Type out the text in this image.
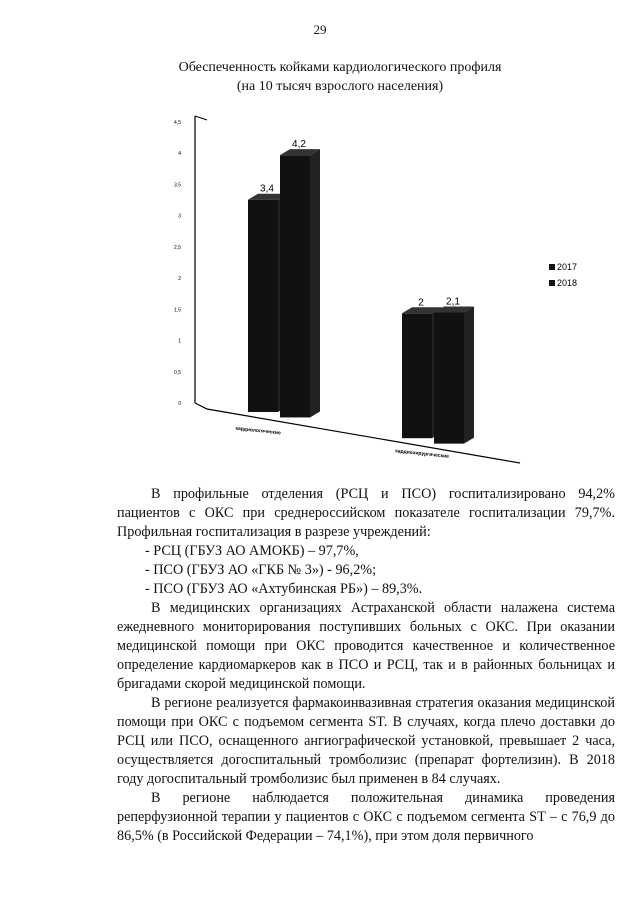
29
Обеспеченность койками кардиологического профиля
(на 10 тысяч взрослого населения)
0
0,5
1
1,5
2
2,5
3
3,5
4
4,5
3,4
4,2
кардиологические
2 2,1
кардиохирургические
2017
2018

В профильные отделения (РСЦ и ПСО) госпитализировано 94,2% пациентов с ОКС при среднероссийском показателе госпитализации 79,7%. Профильная госпитализация в разрезе учреждений:

- РСЦ (ГБУЗ АО АМОКБ) – 97,7%,

- ПСО (ГБУЗ АО «ГКБ № 3») - 96,2%;

- ПСО (ГБУЗ АО «Ахтубинская РБ») – 89,3%.

В медицинских организациях Астраханской области налажена система ежедневного мониторирования поступивших больных с ОКС. При оказании медицинской помощи при ОКС проводится качественное и количественное определение кардиомаркеров как в ПСО и РСЦ, так и в районных больницах и бригадами скорой медицинской помощи.

В регионе реализуется фармакоинвазивная стратегия оказания медицинской помощи при ОКС с подъемом сегмента ST. В случаях, когда плечо доставки до РСЦ или ПСО, оснащенного ангиографической установкой, превышает 2 часа, осуществляется догоспитальный тромболизис (препарат фортелизин). В 2018 году догоспитальный тромболизис был применен в 84 случаях.

В регионе наблюдается положительная динамика проведения реперфузионной терапии у пациентов с ОКС с подъемом сегмента ST – с 76,9 до 86,5% (в Российской Федерации – 74,1%), при этом доля первичного
